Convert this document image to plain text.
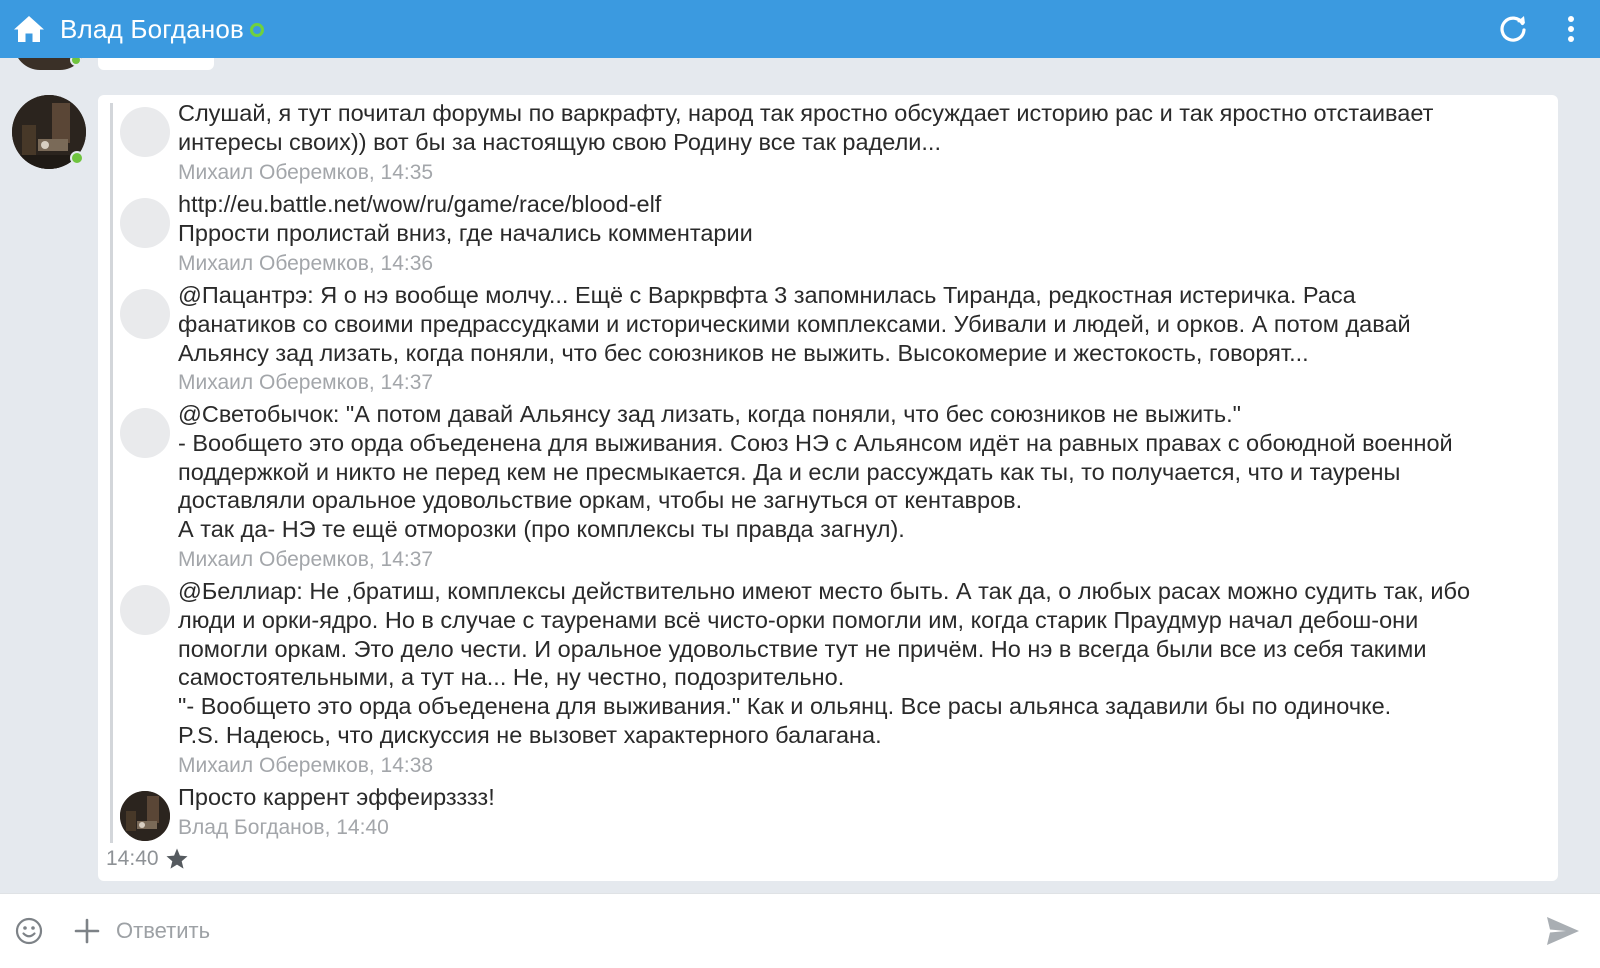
Влад Богданов
Слушай, я тут почитал форумы по варкрафту, народ так яростно обсуждает историю рас и так яростно отстаивает
интересы своих)) вот бы за настоящую свою Родину все так радели...
Михаил Оберемков, 14:35
http://eu.battle.net/wow/ru/game/race/blood-elf
Пррости пролистай вниз, где начались комментарии
Михаил Оберемков, 14:36
@Пацантрэ: Я о нэ вообще молчу... Ещё с Варкрвфта 3 запомнилась Тиранда, редкостная истеричка. Раса
фанатиков со своими предрассудками и историческими комплексами. Убивали и людей, и орков. А потом давай
Альянсу зад лизать, когда поняли, что бес союзников не выжить. Высокомерие и жестокость, говорят...
Михаил Оберемков, 14:37
@Светобычок: "А потом давай Альянсу зад лизать, когда поняли, что бес союзников не выжить."
- Вообщето это орда объеденена для выживания. Союз НЭ с Альянсом идёт на равных правах с обоюдной военной
поддержкой и никто не перед кем не пресмыкается. Да и если рассуждать как ты, то получается, что и таурены
доставляли оральное удовольствие оркам, чтобы не загнуться от кентавров.
А так да- НЭ те ещё отморозки (про комплексы ты правда загнул).
Михаил Оберемков, 14:37
@Беллиар: Не ,братиш, комплексы действительно имеют место быть. А так да, о любых расах можно судить так, ибо
люди и орки-ядро. Но в случае с тауренами всё чисто-орки помогли им, когда старик Праудмур начал дебош-они
помогли оркам. Это дело чести. И оральное удовольствие тут не причём. Но нэ в всегда были все из себя такими
самостоятельными, а тут на... Не, ну честно, подозрительно.
"- Вообщето это орда объеденена для выживания." Как и ольянц. Все расы альянса задавили бы по одиночке.
P.S. Надеюсь, что дискуссия не вызовет характерного балагана.
Михаил Оберемков, 14:38
Просто каррент эффеирзззз!
Влад Богданов, 14:40
14:40
Ответить
